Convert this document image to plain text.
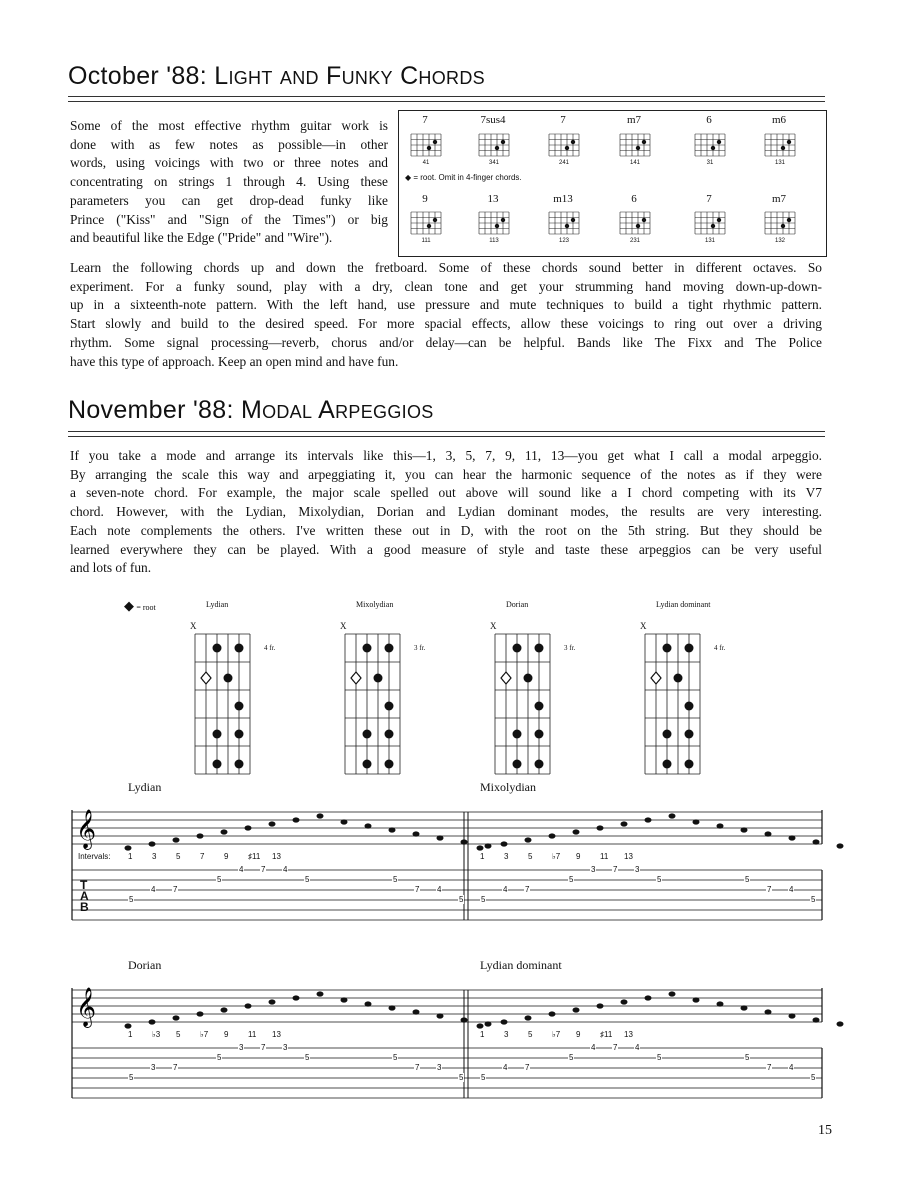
October '88: Light and Funky Chords
Some of the most effective rhythm guitar work is
done with as few notes as possible—in other
words, using voicings with two or three notes and
concentrating on strings 1 through 4. Using these
parameters you can get drop-dead funky like
Prince ("Kiss" and "Sign of the Times") or big
and beautiful like the Edge ("Pride" and "Wire").
Learn the following chords up and down the fretboard. Some of these chords sound better in different octaves. So
experiment. For a funky sound, play with a dry, clean tone and get your strumming hand moving down-up-down-
up in a sixteenth-note pattern. With the left hand, use pressure and mute techniques to build a tight rhythmic pattern.
Start slowly and build to the desired speed. For more spacial effects, allow these voicings to ring out over a driving
rhythm. Some signal processing—reverb, chorus and/or delay—can be helpful. Bands like The Fixx and The Police
have this type of approach. Keep an open mind and have fun.
◆ = root. Omit in 4-finger chords.
7
41
7sus4
341
7
241
m7
141
6
31
m6
131
9
111
13
113
m13
123
6
231
7
131
m7
132
November '88: Modal Arpeggios
If you take a mode and arrange its intervals like this—1, 3, 5, 7, 9, 11, 13—you get what I call a modal arpeggio.
By arranging the scale this way and arpeggiating it, you can hear the harmonic sequence of the notes as if they were
a seven-note chord. For example, the major scale spelled out above will sound like a I chord competing with its V7
chord. However, with the Lydian, Mixolydian, Dorian and Lydian dominant modes, the results are very interesting.
Each note complements the others. I've written these out in D, with the root on the 5th string. But they should be
learned everywhere they can be played. With a good measure of style and taste these arpeggios can be very useful
and lots of fun.
◆ = root	Lydian
X
4 fr.
Mixolydian
X
3 fr.
Dorian
X
3 fr.
Lydian dominant
X
4 fr.
𝄞
𝄞
Lydian
Intervals: 1 3 5 7 9 ♯11 13
4 7 4
5	5	5
4 7	7 4
5	5
Mixolydian
1 3 5 ♭7 9 11 13
3 7 3
5	5	5
4 7	7 4
5	5
T
A
B
Dorian
1 ♭3 5 ♭7 9 11 13
3 7 3
5	5	5
3 7	7 3
5	5
Lydian dominant
1 3 5 ♭7 9 ♯11 13
4 7 4
5	5	5
4 7	7 4
5	5
15
